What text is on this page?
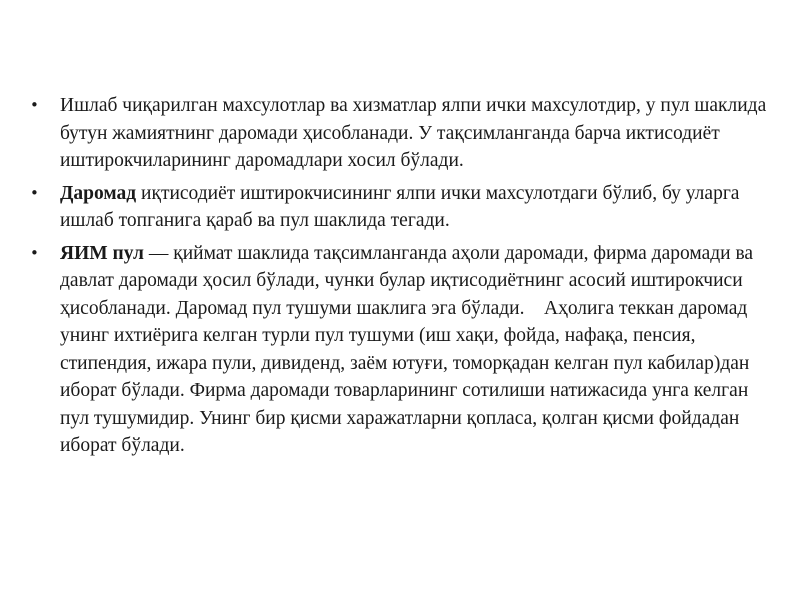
• Ишлаб чиқарилган махсулотлар ва хизматлар ялпи ички махсулотдир, у пул шаклида бутун жамиятнинг даромади ҳисобланади. У тақсимланганда барча иктисодиёт иштирокчиларининг даромадлари хосил бўлади.
• Даромад иқтисодиёт иштирокчисининг ялпи ички махсулотдаги бўлиб, бу уларга ишлаб топганига қараб ва пул шаклида тегади.
• ЯИМ пул — қиймат шаклида тақсимланганда аҳоли даромади, фирма даромади ва давлат даромади ҳосил бўлади, чунки булар иқтисодиётнинг асосий иштирокчиси ҳисобланади. Даромад пул тушуми шаклига эга бўлади.    Аҳолига теккан даромад унинг ихтиёрига келган турли пул тушуми (иш хақи, фойда, нафақа, пенсия, стипендия, ижара пули, дивиденд, заём ютуғи, томорқадан келган пул кабилар)дан иборат бўлади. Фирма даромади товарларининг сотилиши натижасида унга келган пул тушумидир. Унинг бир қисми харажатларни қопласа, қолган қисми фойдадан иборат бўлади.
